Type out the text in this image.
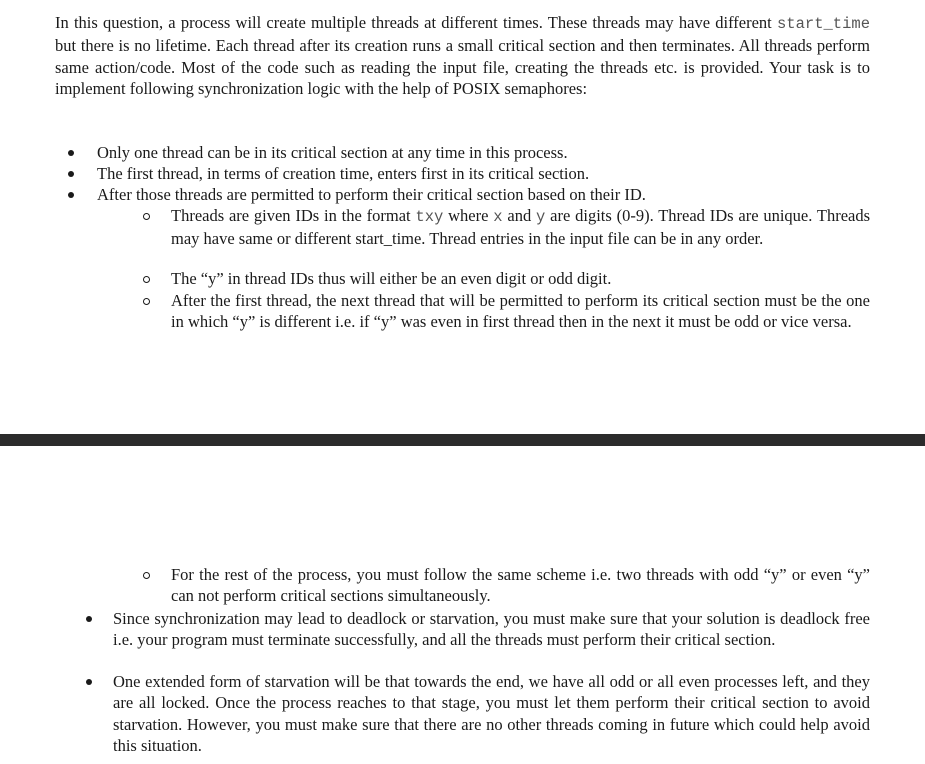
In this question, a process will create multiple threads at different times. These threads may have different start_time but there is no lifetime. Each thread after its creation runs a small critical section and then terminates. All threads perform same action/code. Most of the code such as reading the input file, creating the threads etc. is provided. Your task is to implement following synchronization logic with the help of POSIX semaphores:

Only one thread can be in its critical section at any time in this process.
The first thread, in terms of creation time, enters first in its critical section.
After those threads are permitted to perform their critical section based on their ID.

Threads are given IDs in the format txy where x and y are digits (0-9). Thread IDs are unique. Threads may have same or different start_time. Thread entries in the input file can be in any order.

The “y” in thread IDs thus will either be an even digit or odd digit.

After the first thread, the next thread that will be permitted to perform its critical section must be the one in which “y” is different i.e. if “y” was even in first thread then in the next it must be odd or vice versa.

For the rest of the process, you must follow the same scheme i.e. two threads with odd “y” or even “y” can not perform critical sections simultaneously.

Since synchronization may lead to deadlock or starvation, you must make sure that your solution is deadlock free i.e. your program must terminate successfully, and all the threads must perform their critical section.

One extended form of starvation will be that towards the end, we have all odd or all even processes left, and they are all locked. Once the process reaches to that stage, you must let them perform their critical section to avoid starvation. However, you must make sure that there are no other threads coming in future which could help avoid this situation.
